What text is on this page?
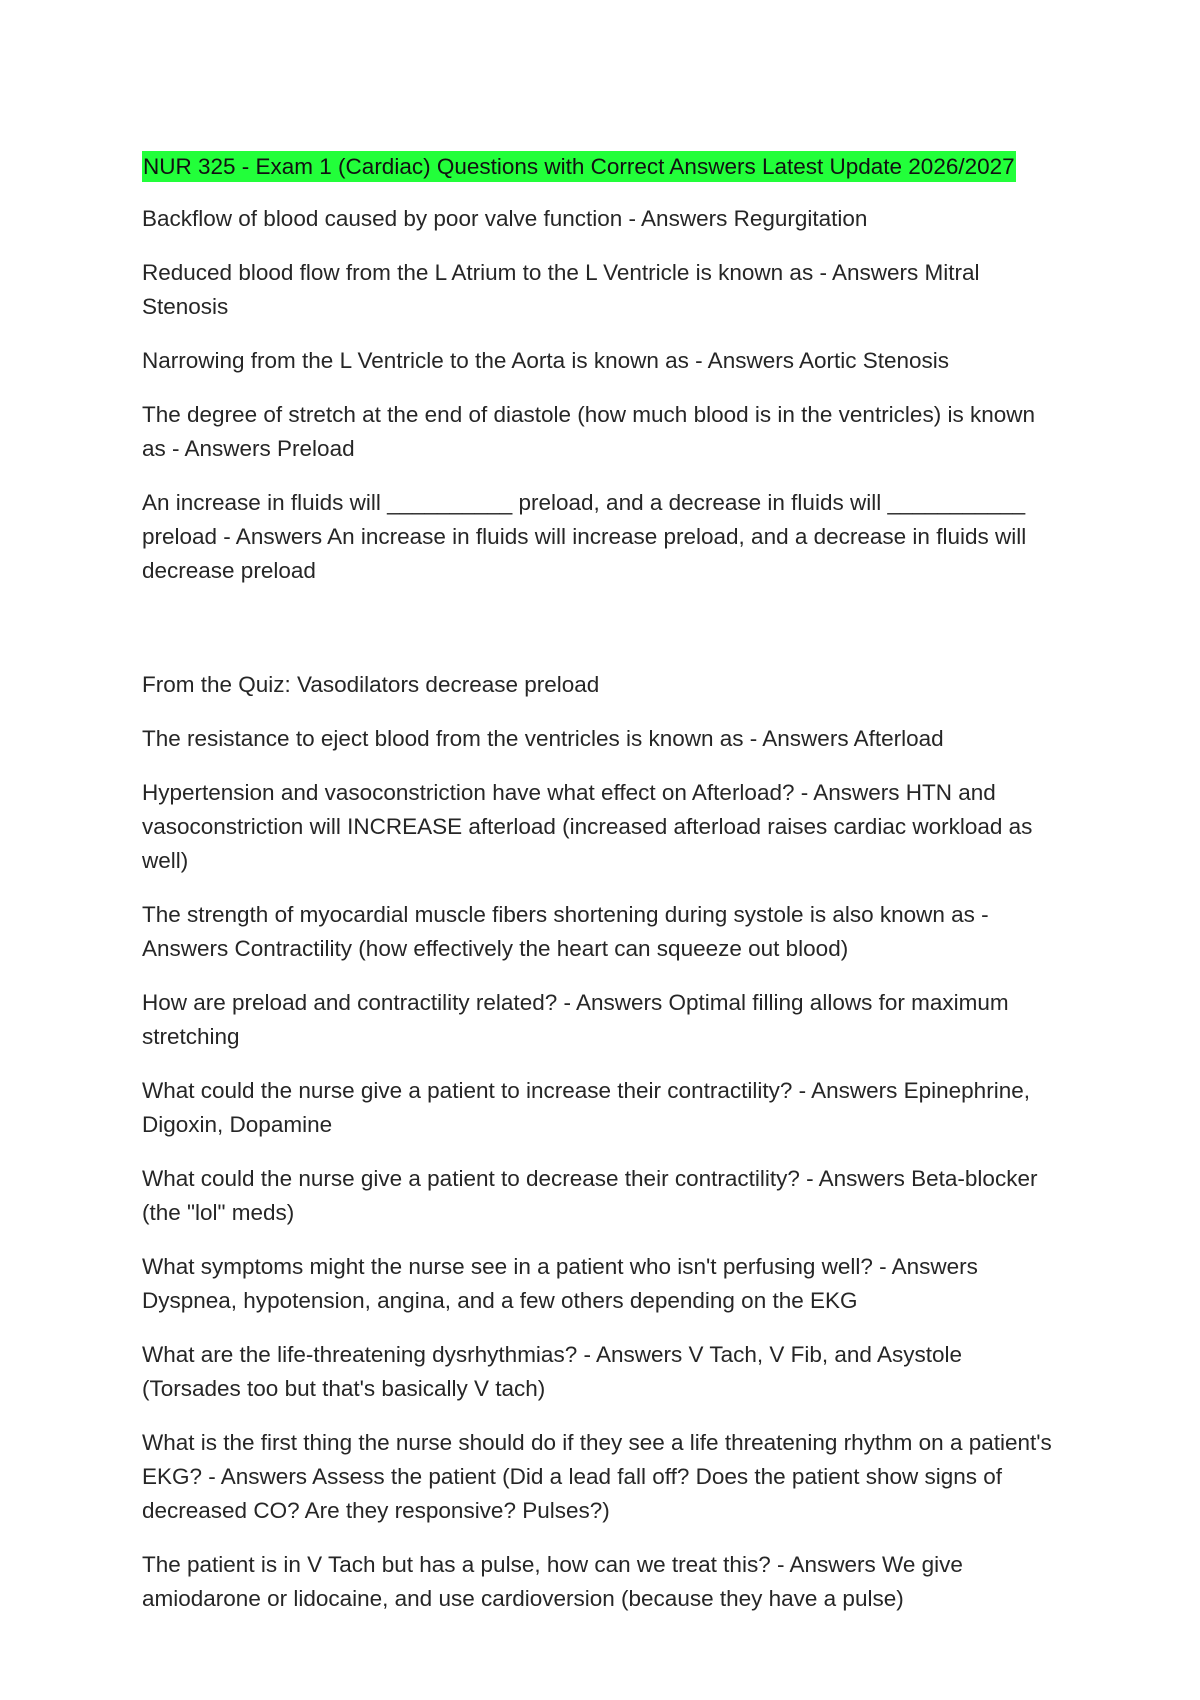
NUR 325 - Exam 1 (Cardiac) Questions with Correct Answers Latest Update 2026/2027

Backflow of blood caused by poor valve function - Answers Regurgitation

Reduced blood flow from the L Atrium to the L Ventricle is known as - Answers Mitral Stenosis

Narrowing from the L Ventricle to the Aorta is known as - Answers Aortic Stenosis

The degree of stretch at the end of diastole (how much blood is in the ventricles) is known as - Answers Preload

An increase in fluids will __________ preload, and a decrease in fluids will ___________ preload - Answers An increase in fluids will increase preload, and a decrease in fluids will decrease preload

From the Quiz: Vasodilators decrease preload

The resistance to eject blood from the ventricles is known as - Answers Afterload

Hypertension and vasoconstriction have what effect on Afterload? - Answers HTN and vasoconstriction will INCREASE afterload (increased afterload raises cardiac workload as well)

The strength of myocardial muscle fibers shortening during systole is also known as - Answers Contractility (how effectively the heart can squeeze out blood)

How are preload and contractility related? - Answers Optimal filling allows for maximum stretching

What could the nurse give a patient to increase their contractility? - Answers Epinephrine, Digoxin, Dopamine

What could the nurse give a patient to decrease their contractility? - Answers Beta-blocker (the "lol" meds)

What symptoms might the nurse see in a patient who isn't perfusing well? - Answers Dyspnea, hypotension, angina, and a few others depending on the EKG

What are the life-threatening dysrhythmias? - Answers V Tach, V Fib, and Asystole (Torsades too but that's basically V tach)

What is the first thing the nurse should do if they see a life threatening rhythm on a patient's EKG? - Answers Assess the patient (Did a lead fall off? Does the patient show signs of decreased CO? Are they responsive? Pulses?)

The patient is in V Tach but has a pulse, how can we treat this? - Answers We give amiodarone or lidocaine, and use cardioversion (because they have a pulse)
